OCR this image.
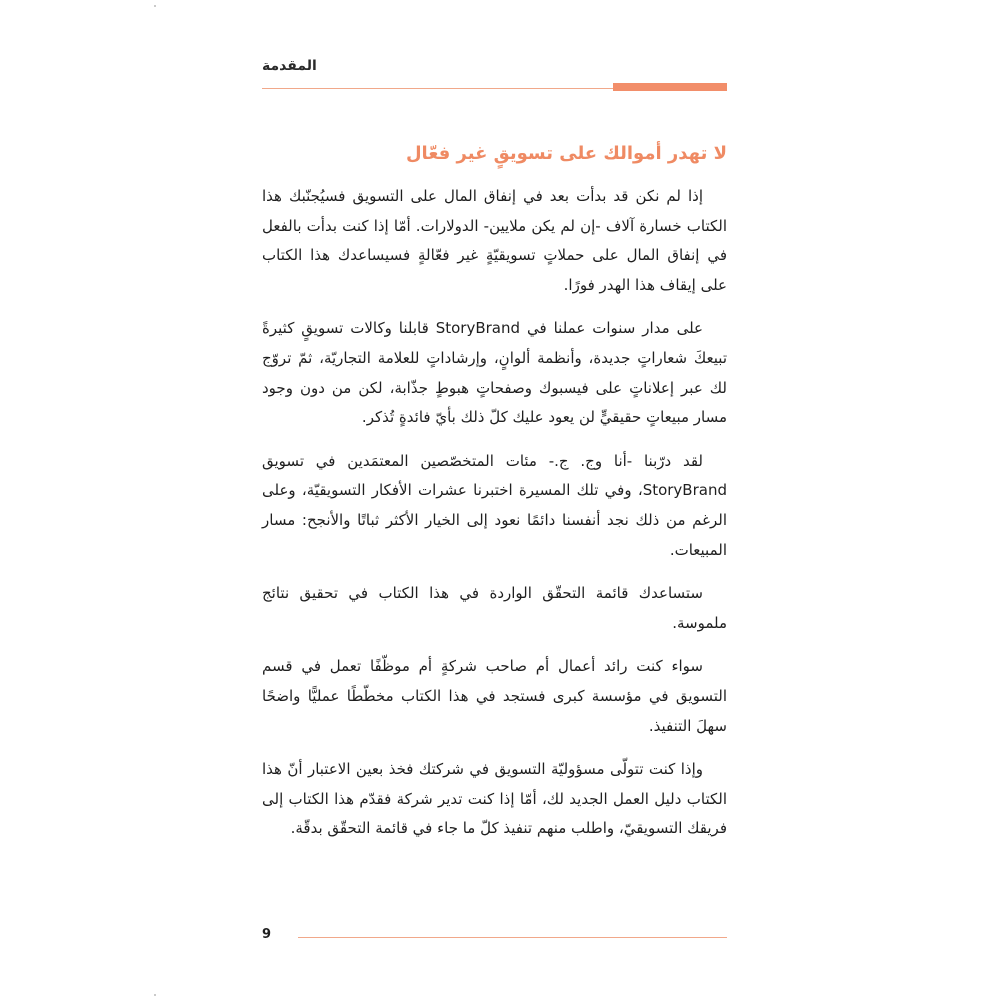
المقدمة
لا تهدر أموالك على تسويقٍ غير فعّال

إذا لم نكن قد بدأت بعد في إنفاق المال على التسويق فسيُجنّبك هذا الكتاب خسارة آلاف -إن لم يكن ملايين- الدولارات. أمّا إذا كنت بدأت بالفعل في إنفاق المال على حملاتٍ تسويقيّةٍ غير فعّالةٍ فسيساعدك هذا الكتاب على إيقاف هذا الهدر فورًا.

على مدار سنوات عملنا في StoryBrand قابلنا وكالات تسويقٍ كثيرةً تبيعكَ شعاراتٍ جديدة، وأنظمة ألوانٍ، وإرشاداتٍ للعلامة التجاريّة، ثمّ تروّج لك عبر إعلاناتٍ على فيسبوك وصفحاتٍ هبوطٍ جذّابة، لكن من دون وجود مسار مبيعاتٍ حقيقيٍّ لن يعود عليك كلّ ذلك بأيّ فائدةٍ تُذكر.

لقد درّبنا -أنا وج. ج.- مئات المتخصّصين المعتمَدين في تسويق StoryBrand، وفي تلك المسيرة اختبرنا عشرات الأفكار التسويقيّة، وعلى الرغم من ذلك نجد أنفسنا دائمًا نعود إلى الخيار الأكثر ثباتًا والأنجح: مسار المبيعات.

ستساعدك قائمة التحقّق الواردة في هذا الكتاب في تحقيق نتائج ملموسة.

سواء كنت رائد أعمال أم صاحب شركةٍ أم موظّفًا تعمل في قسم التسويق في مؤسسة كبرى فستجد في هذا الكتاب مخطّطًا عمليًّا واضحًا سهلَ التنفيذ.

وإذا كنت تتولّى مسؤوليّة التسويق في شركتك فخذ بعين الاعتبار أنّ هذا الكتاب دليل العمل الجديد لك، أمّا إذا كنت تدير شركة فقدّم هذا الكتاب إلى فريقك التسويقيّ، واطلب منهم تنفيذ كلّ ما جاء في قائمة التحقّق بدقّة.

9
